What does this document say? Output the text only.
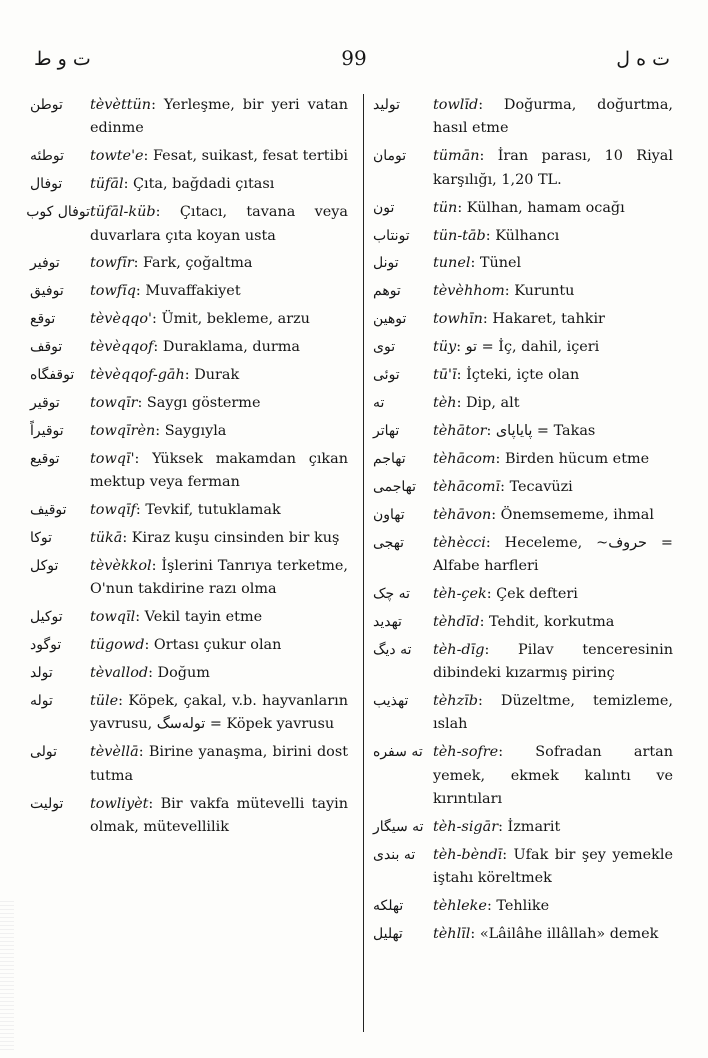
ت و ط	99	ت ه ل
توطن	tèvèttün: Yerleşme, bir yeri vatan edinme
توطئه	towte'e: Fesat, suikast, fesat tertibi
توفال	tüfāl: Çıta, bağdadi çıtası
توفال کوب tüfāl-küb: Çıtacı, tavana veya duvarlara çıta koyan usta
توفیر	towfīr: Fark, çoğaltma
توفیق	towfīq: Muvaffakiyet
توقع	tèvèqqo': Ümit, bekleme, arzu
توقف	tèvèqqof: Duraklama, durma
توقفگاه	tèvèqqof-gāh: Durak
توقیر	towqīr: Saygı gösterme
توقیراً	towqīrèn: Saygıyla
توقیع	towqī': Yüksek makamdan çıkan mektup veya ferman
توقیف	towqīf: Tevkif, tutuklamak
توکا	tükā: Kiraz kuşu cinsinden bir kuş
توکل	tèvèkkol: İşlerini Tanrıya terketme, O'nun takdirine razı olma
توکیل	towqīl: Vekil tayin etme
توگود	tügowd: Ortası çukur olan
تولد	tèvallod: Doğum
توله	tüle: Köpek, çakal, v.b. hayvanların yavrusu, توله‌سگ = Köpek yavrusu
تولی	tèvèllā: Birine yanaşma, birini dost tutma
تولیت	towliyèt: Bir vakfa mütevelli tayin olmak, mütevellilik
تولید	towlīd: Doğurma, doğurtma, hasıl etme
تومان	tümān: İran parası, 10 Riyal karşılığı, 1,20 TL.
تون	tün: Külhan, hamam ocağı
تونتاب	tün-tāb: Külhancı
تونل	tunel: Tünel
توهم	tèvèhhom: Kuruntu
توهین	towhīn: Hakaret, tahkir
توی	tüy: تو = İç, dahil, içeri
توئی	tū'ī: İçteki, içte olan
ته	tèh: Dip, alt
تهاتر	tèhātor: پایاپای = Takas
تهاجم	tèhācom: Birden hücum etme
تهاجمی	tèhācomī: Tecavüzi
تهاون	tèhāvon: Önemsememe, ihmal
تهجی	tèhècci: Heceleme, ~حروف = Alfabe harfleri
ته چک	tèh-çek: Çek defteri
تهدید	tèhdīd: Tehdit, korkutma
ته دیگ	tèh-dīg: Pilav tenceresinin dibindeki kızarmış pirinç
تهذیب	tèhzīb: Düzeltme, temizleme, ıslah
ته سفره tèh-sofre: Sofradan artan yemek, ekmek kalıntı ve kırıntıları
ته سیگار tèh-sigār: İzmarit
ته بندی	tèh-bèndī: Ufak bir şey yemekle iştahı köreltmek
تهلکه	tèhleke: Tehlike
تهلیل	tèhlīl: «Lâilâhe illâllah» demek
